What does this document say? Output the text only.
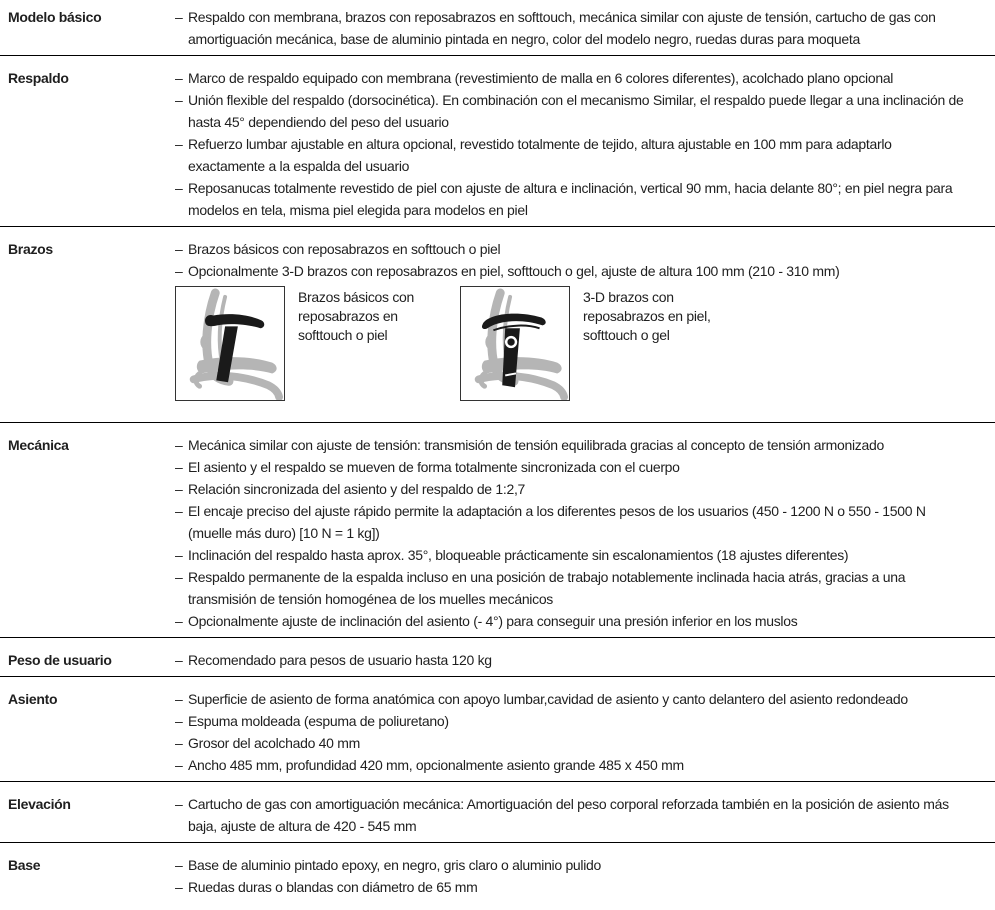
Modelo básico	– Respaldo con membrana, brazos con reposabrazos en softtouch, mecánica similar con ajuste de tensión, cartucho de gas con amortiguación mecánica, base de aluminio pintada en negro, color del modelo negro, ruedas duras para moqueta
Respaldo	– Marco de respaldo equipado con membrana (revestimiento de malla en 6 colores diferentes), acolchado plano opcional
– Unión flexible del respaldo (dorsocinética). En combinación con el mecanismo Similar, el respaldo puede llegar a una inclinación de hasta 45° dependiendo del peso del usuario
– Refuerzo lumbar ajustable en altura opcional, revestido totalmente de tejido, altura ajustable en 100 mm para adaptarlo exactamente a la espalda del usuario
– Reposanucas totalmente revestido de piel con ajuste de altura e inclinación, vertical 90 mm, hacia delante 80°; en piel negra para modelos en tela, misma piel elegida para modelos en piel
Brazos	– Brazos básicos con reposabrazos en softtouch o piel
– Opcionalmente 3-D brazos con reposabrazos en piel, softtouch o gel, ajuste de altura 100 mm (210 - 310 mm)
Brazos básicos con reposabrazos en softtouch o piel
3-D brazos con reposabrazos en piel, softtouch o gel
Mecánica	– Mecánica similar con ajuste de tensión: transmisión de tensión equilibrada gracias al concepto de tensión armonizado
– El asiento y el respaldo se mueven de forma totalmente sincronizada con el cuerpo
– Relación sincronizada del asiento y del respaldo de 1:2,7
– El encaje preciso del ajuste rápido permite la adaptación a los diferentes pesos de los usuarios (450 - 1200 N o 550 - 1500 N (muelle más duro) [10 N = 1 kg])
– Inclinación del respaldo hasta aprox. 35°, bloqueable prácticamente sin escalonamientos (18 ajustes diferentes)
– Respaldo permanente de la espalda incluso en una posición de trabajo notablemente inclinada hacia atrás, gracias a una transmisión de tensión homogénea de los muelles mecánicos
– Opcionalmente ajuste de inclinación del asiento (- 4°) para conseguir una presión inferior en los muslos
Peso de usuario	– Recomendado para pesos de usuario hasta 120 kg
Asiento	– Superficie de asiento de forma anatómica con apoyo lumbar,cavidad de asiento y canto delantero del asiento redondeado
– Espuma moldeada (espuma de poliuretano)
– Grosor del acolchado 40 mm
– Ancho 485 mm, profundidad 420 mm, opcionalmente asiento grande 485 x 450 mm
Elevación	– Cartucho de gas con amortiguación mecánica: Amortiguación del peso corporal reforzada también en la posición de asiento más baja, ajuste de altura de 420 - 545 mm
Base	– Base de aluminio pintado epoxy, en negro, gris claro o aluminio pulido
– Ruedas duras o blandas con diámetro de 65 mm
